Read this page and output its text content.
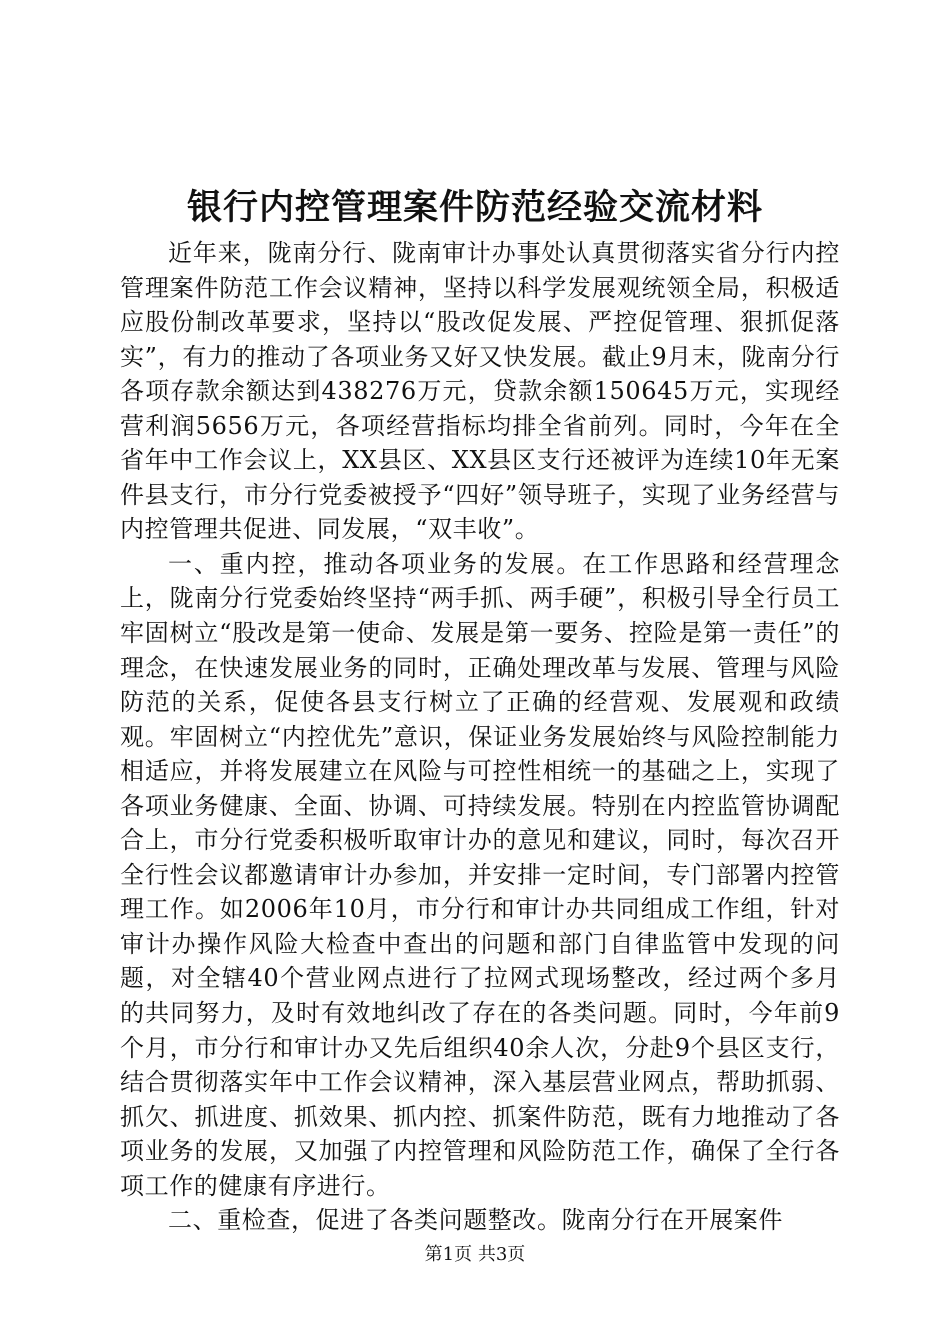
银行内控管理案件防范经验交流材料

近年来，陇南分行、陇南审计办事处认真贯彻落实省分行内控管理案件防范工作会议精神，坚持以科学发展观统领全局，积极适应股份制改革要求，坚持以“股改促发展、严控促管理、狠抓促落实”，有力的推动了各项业务又好又快发展。截止9月末，陇南分行各项存款余额达到438276万元，贷款余额150645万元，实现经营利润5656万元，各项经营指标均排全省前列。同时，今年在全省年中工作会议上，XX县区、XX县区支行还被评为连续10年无案件县支行，市分行党委被授予“四好”领导班子，实现了业务经营与内控管理共促进、同发展，“双丰收”。

一、重内控，推动各项业务的发展。在工作思路和经营理念上，陇南分行党委始终坚持“两手抓、两手硬”，积极引导全行员工牢固树立“股改是第一使命、发展是第一要务、控险是第一责任”的理念，在快速发展业务的同时，正确处理改革与发展、管理与风险防范的关系，促使各县支行树立了正确的经营观、发展观和政绩观。牢固树立“内控优先”意识，保证业务发展始终与风险控制能力相适应，并将发展建立在风险与可控性相统一的基础之上，实现了各项业务健康、全面、协调、可持续发展。特别在内控监管协调配合上，市分行党委积极听取审计办的意见和建议，同时，每次召开全行性会议都邀请审计办参加，并安排一定时间，专门部署内控管理工作。如2006年10月，市分行和审计办共同组成工作组，针对审计办操作风险大检查中查出的问题和部门自律监管中发现的问题，对全辖40个营业网点进行了拉网式现场整改，经过两个多月的共同努力，及时有效地纠改了存在的各类问题。同时，今年前9个月，市分行和审计办又先后组织40余人次，分赴9个县区支行，结合贯彻落实年中工作会议精神，深入基层营业网点，帮助抓弱、抓欠、抓进度、抓效果、抓内控、抓案件防范，既有力地推动了各项业务的发展，又加强了内控管理和风险防范工作，确保了全行各项工作的健康有序进行。

二、重检查，促进了各类问题整改。陇南分行在开展案件

第1页 共3页
